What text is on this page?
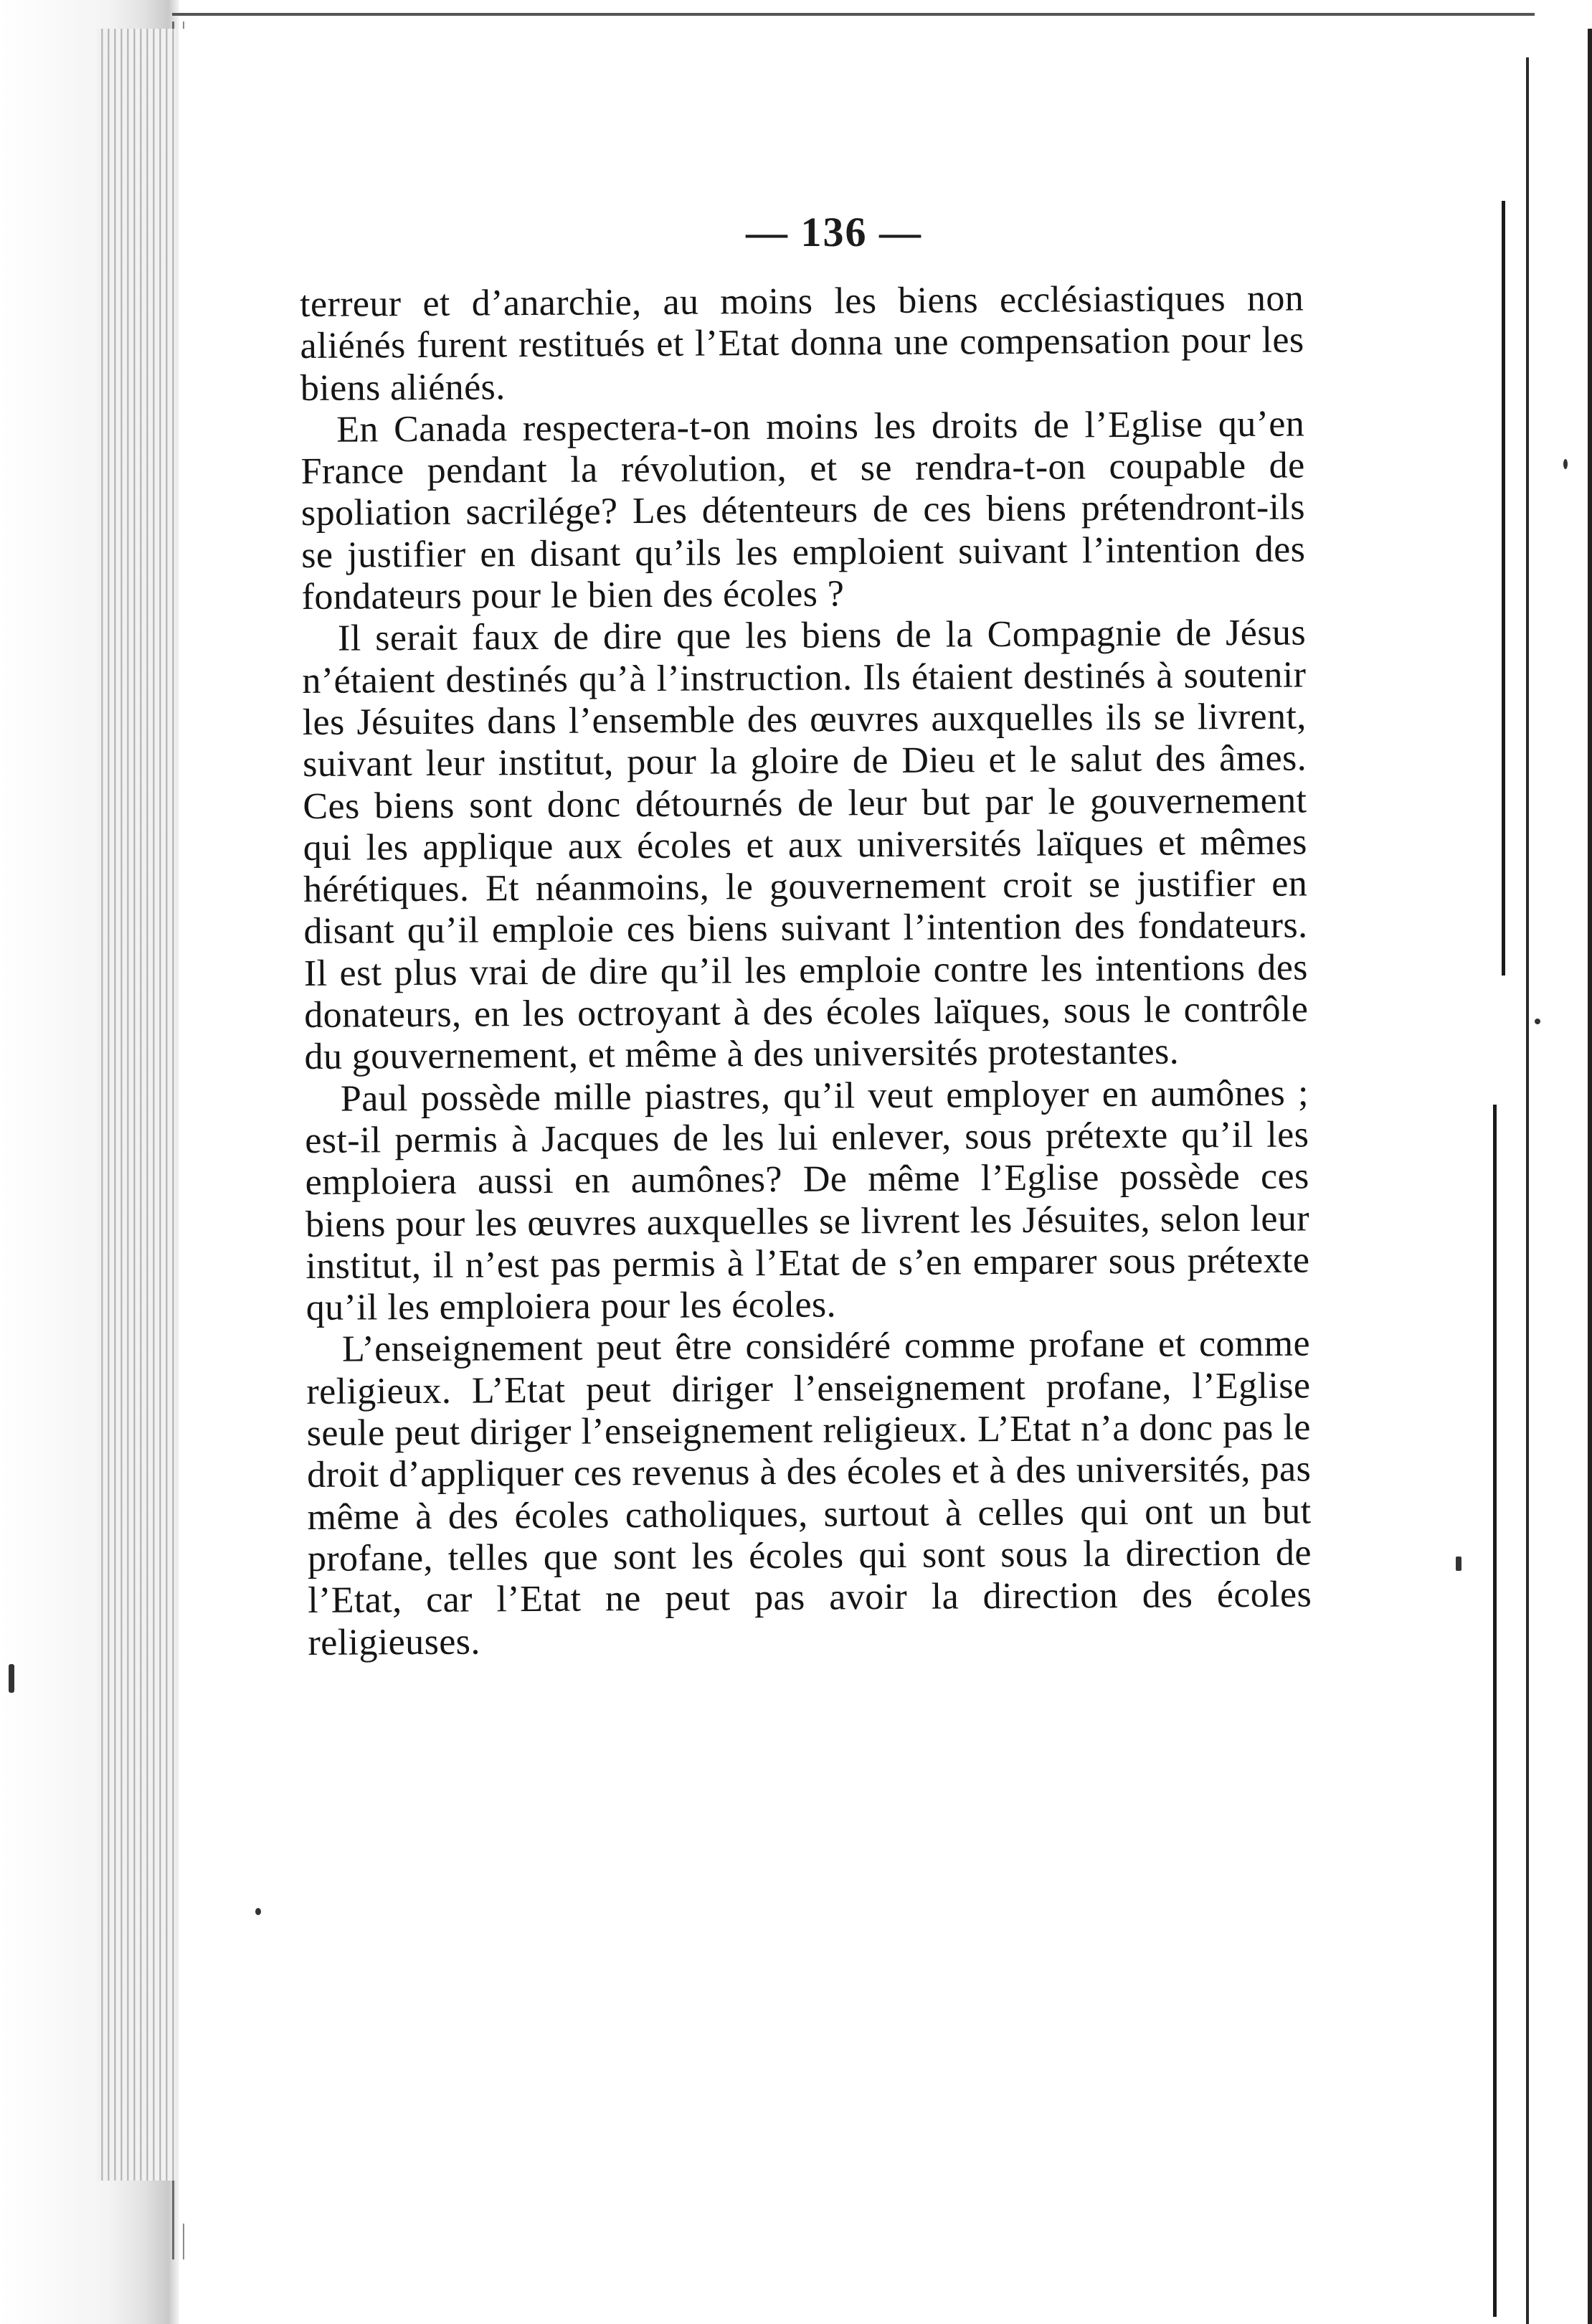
— 136 —

terreur et d’anarchie, au moins les biens ecclésiastiques non aliénés furent restitués et l’Etat donna une compensation pour les biens aliénés.

En Canada respectera-t-on moins les droits de l’Eglise qu’en France pendant la révolution, et se rendra-t-on coupable de spoliation sacrilége? Les détenteurs de ces biens prétendront-ils se justifier en disant qu’ils les emploient suivant l’intention des fondateurs pour le bien des écoles ?

Il serait faux de dire que les biens de la Compagnie de Jésus n’étaient destinés qu’à l’instruction. Ils étaient destinés à soutenir les Jésuites dans l’ensemble des œuvres auxquelles ils se livrent, suivant leur institut, pour la gloire de Dieu et le salut des âmes. Ces biens sont donc détournés de leur but par le gouvernement qui les applique aux écoles et aux universités laïques et mêmes hérétiques. Et néanmoins, le gouvernement croit se justifier en disant qu’il emploie ces biens suivant l’intention des fondateurs. Il est plus vrai de dire qu’il les emploie contre les intentions des donateurs, en les octroyant à des écoles laïques, sous le contrôle du gouvernement, et même à des universités protestantes.

Paul possède mille piastres, qu’il veut employer en aumônes ; est-il permis à Jacques de les lui enlever, sous prétexte qu’il les emploiera aussi en aumônes? De même l’Eglise possède ces biens pour les œuvres auxquelles se livrent les Jésuites, selon leur institut, il n’est pas permis à l’Etat de s’en emparer sous prétexte qu’il les emploiera pour les écoles.

L’enseignement peut être considéré comme profane et comme religieux. L’Etat peut diriger l’enseignement profane, l’Eglise seule peut diriger l’enseignement religieux. L’Etat n’a donc pas le droit d’appliquer ces revenus à des écoles et à des universités, pas même à des écoles catholiques, surtout à celles qui ont un but profane, telles que sont les écoles qui sont sous la direction de l’Etat, car l’Etat ne peut pas avoir la direction des écoles religieuses.
